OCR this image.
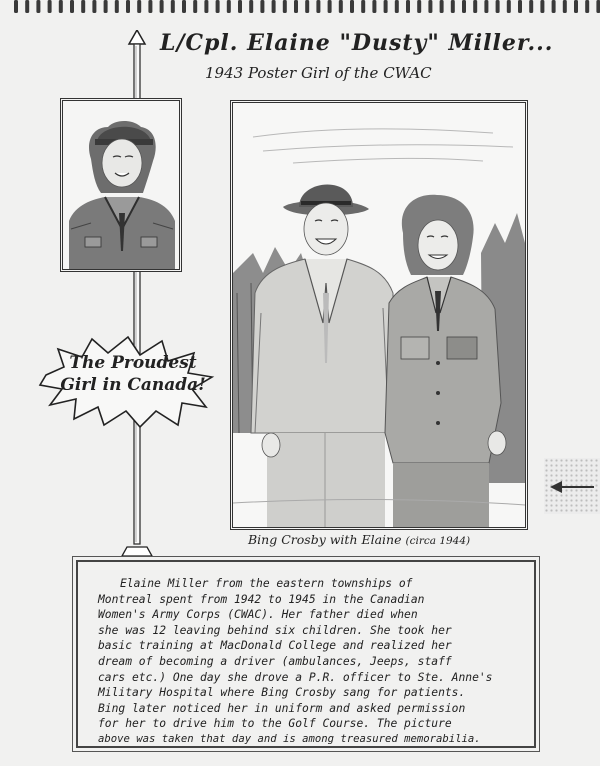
L/Cpl. Elaine "Dusty" Miller...
1943 Poster Girl of the CWAC
The Proudest
Girl in Canada!
Bing Crosby with Elaine (circa 1944)
Elaine Miller from the eastern townships of
Montreal spent from 1942 to 1945 in the Canadian
Women's Army Corps (CWAC). Her father died when
she was 12 leaving behind six children. She took her
basic training at MacDonald College and realized her
dream of becoming a driver (ambulances, Jeeps, staff
cars etc.) One day she drove a P.R. officer to Ste. Anne's
Military Hospital where Bing Crosby sang for patients.
Bing later noticed her in uniform and asked permission
for her to drive him to the Golf Course. The picture
above was taken that day and is among treasured memorabilia.
